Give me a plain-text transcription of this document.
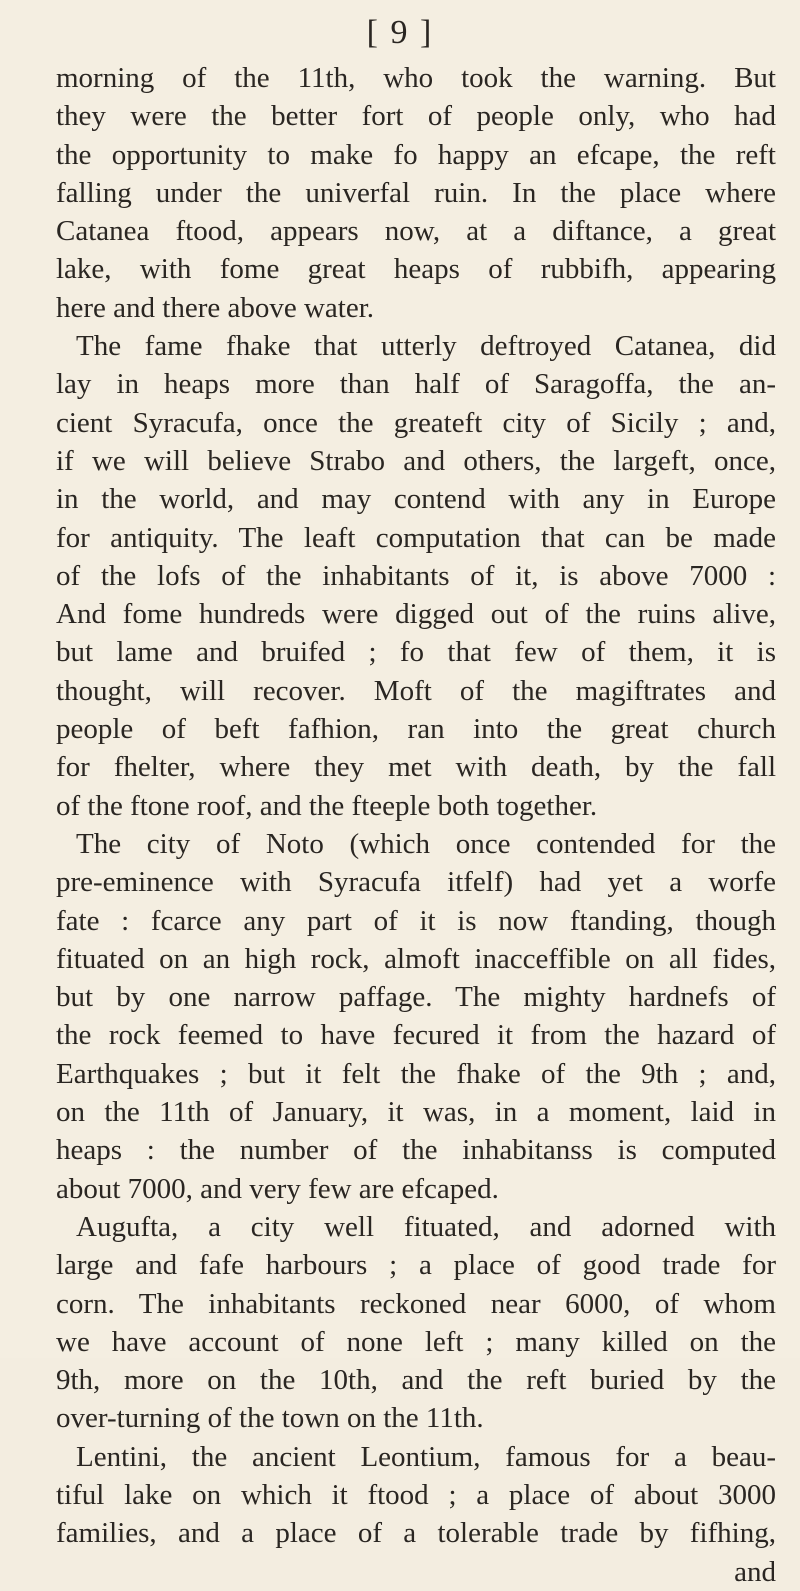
[ 9 ]
morning of the 11th, who took the warning. But
they were the better fort of people only, who had
the opportunity to make fo happy an efcape, the reft
falling under the univerfal ruin. In the place where
Catanea ftood, appears now, at a diftance, a great
lake, with fome great heaps of rubbifh, appearing
here and there above water.
The fame fhake that utterly deftroyed Catanea, did
lay in heaps more than half of Saragoffa, the an-
cient Syracufa, once the greateft city of Sicily ; and,
if we will believe Strabo and others, the largeft, once,
in the world, and may contend with any in Europe
for antiquity. The leaft computation that can be made
of the lofs of the inhabitants of it, is above 7000 :
And fome hundreds were digged out of the ruins alive,
but lame and bruifed ; fo that few of them, it is
thought, will recover. Moft of the magiftrates and
people of beft fafhion, ran into the great church
for fhelter, where they met with death, by the fall
of the ftone roof, and the fteeple both together.
The city of Noto (which once contended for the
pre-eminence with Syracufa itfelf) had yet a worfe
fate : fcarce any part of it is now ftanding, though
fituated on an high rock, almoft inacceffible on all fides,
but by one narrow paffage. The mighty hardnefs of
the rock feemed to have fecured it from the hazard of
Earthquakes ; but it felt the fhake of the 9th ; and,
on the 11th of January, it was, in a moment, laid in
heaps : the number of the inhabitanss is computed
about 7000, and very few are efcaped.
Augufta, a city well fituated, and adorned with
large and fafe harbours ; a place of good trade for
corn. The inhabitants reckoned near 6000, of whom
we have account of none left ; many killed on the
9th, more on the 10th, and the reft buried by the
over-turning of the town on the 11th.
Lentini, the ancient Leontium, famous for a beau-
tiful lake on which it ftood ; a place of about 3000
families, and a place of a tolerable trade by fifhing,
and
